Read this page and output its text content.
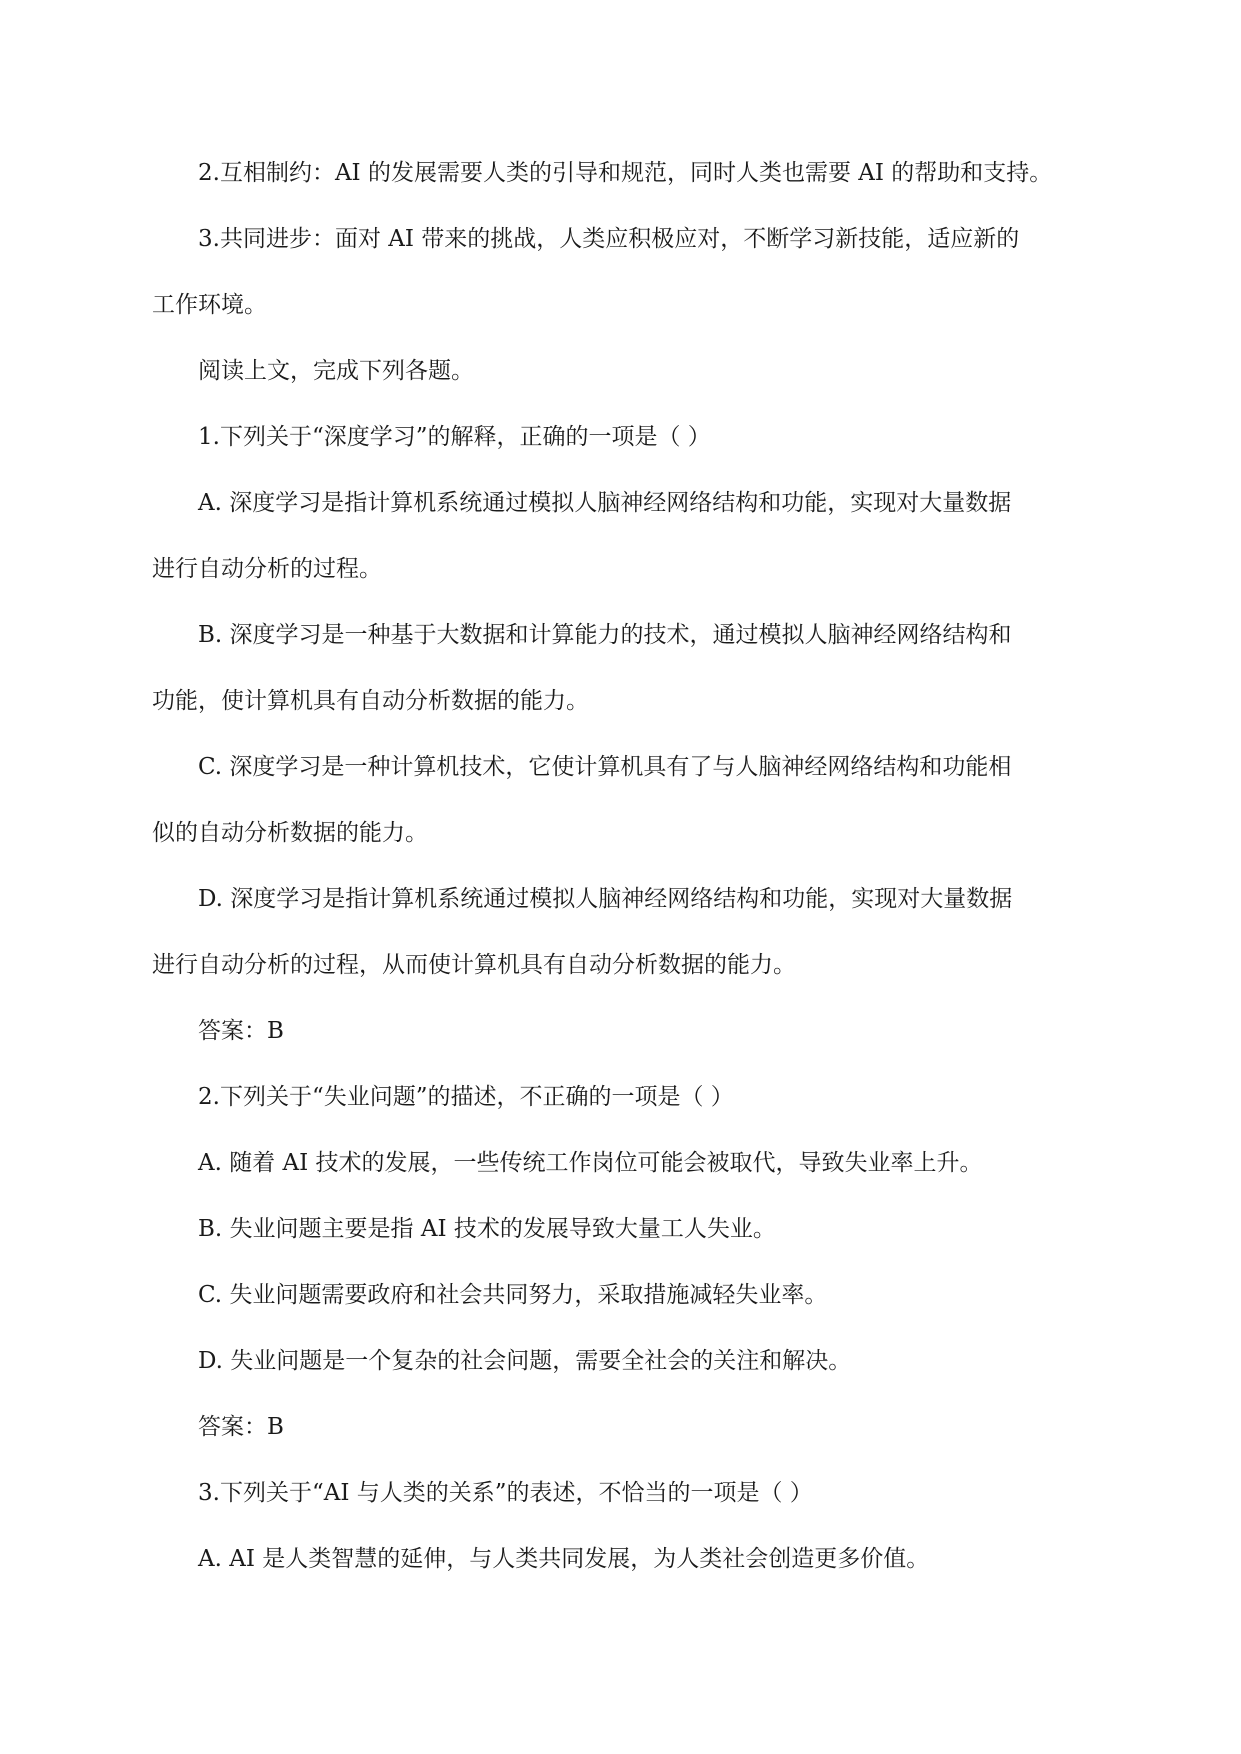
2.互相制约：AI 的发展需要人类的引导和规范，同时人类也需要 AI 的帮助和支持。

3.共同进步：面对 AI 带来的挑战，人类应积极应对，不断学习新技能，适应新的

工作环境。

阅读上文，完成下列各题。

1.下列关于“深度学习”的解释，正确的一项是（ ）

A. 深度学习是指计算机系统通过模拟人脑神经网络结构和功能，实现对大量数据

进行自动分析的过程。

B. 深度学习是一种基于大数据和计算能力的技术，通过模拟人脑神经网络结构和

功能，使计算机具有自动分析数据的能力。

C. 深度学习是一种计算机技术，它使计算机具有了与人脑神经网络结构和功能相

似的自动分析数据的能力。

D. 深度学习是指计算机系统通过模拟人脑神经网络结构和功能，实现对大量数据

进行自动分析的过程，从而使计算机具有自动分析数据的能力。

答案：B

2.下列关于“失业问题”的描述，不正确的一项是（ ）

A. 随着 AI 技术的发展，一些传统工作岗位可能会被取代，导致失业率上升。

B. 失业问题主要是指 AI 技术的发展导致大量工人失业。

C. 失业问题需要政府和社会共同努力，采取措施减轻失业率。

D. 失业问题是一个复杂的社会问题，需要全社会的关注和解决。

答案：B

3.下列关于“AI 与人类的关系”的表述，不恰当的一项是（ ）

A. AI 是人类智慧的延伸，与人类共同发展，为人类社会创造更多价值。
